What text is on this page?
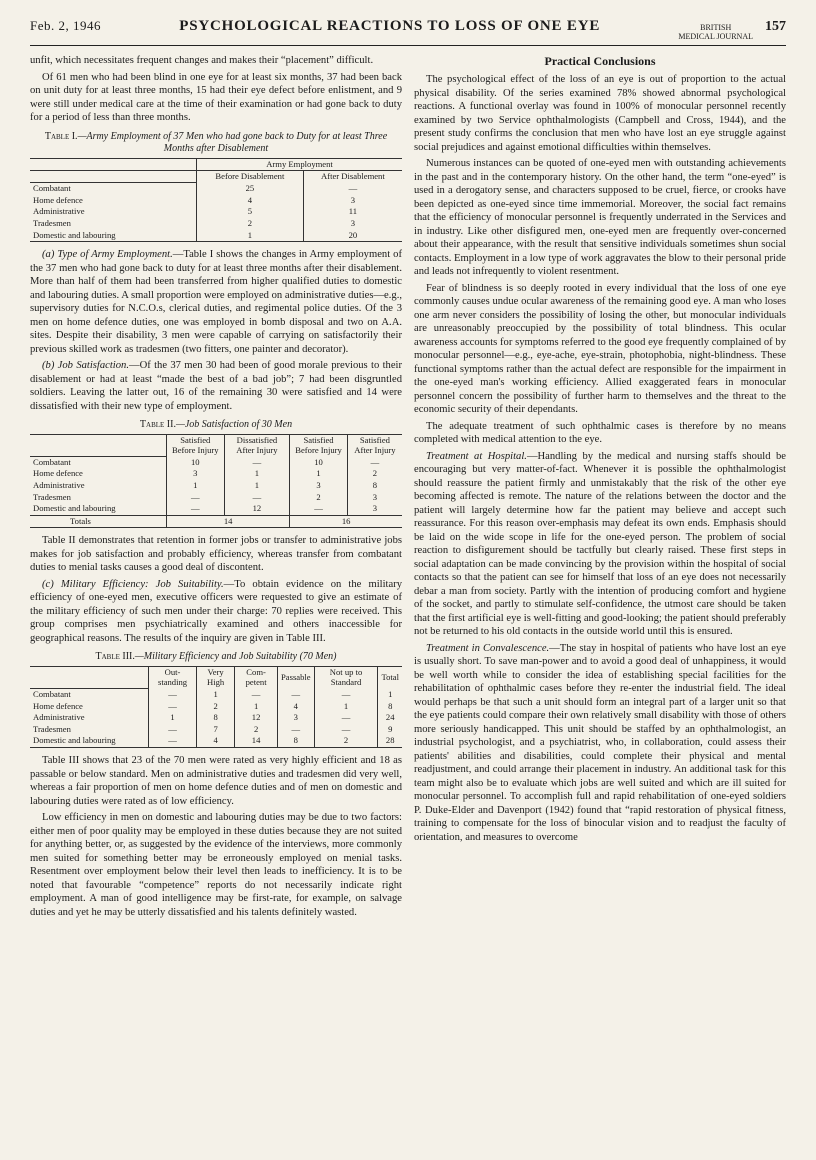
Feb. 2, 1946	PSYCHOLOGICAL REACTIONS TO LOSS OF ONE EYE	BRITISH
MEDICAL JOURNAL
157

unfit, which necessitates frequent changes and makes their “placement” difficult.

Of 61 men who had been blind in one eye for at least six months, 37 had been back on unit duty for at least three months, 15 had their eye defect before enlistment, and 9 were still under medical care at the time of their examination or had gone back to duty for a period of less than three months.

Table I.—Army Employment of 37 Men who had gone back to Duty for at least Three Months after Disablement
	Army Employment	
	Before Disablement	After Disablement
Combatant	25	—
Home defence	4	3
Administrative	5	11
Tradesmen	2	3
Domestic and labouring	1	20

(a) Type of Army Employment.—Table I shows the changes in Army employment of the 37 men who had gone back to duty for at least three months after their disablement. More than half of them had been transferred from higher qualified duties to domestic and labouring duties. A small proportion were employed on administrative duties—e.g., supervisory duties for N.C.O.s, clerical duties, and regimental police duties. Of the 3 men on home defence duties, one was employed in bomb disposal and two on A.A. sites. Despite their disability, 3 men were capable of carrying on satisfactorily their previous skilled work as tradesmen (two fitters, one painter and decorator).

(b) Job Satisfaction.—Of the 37 men 30 had been of good morale previous to their disablement or had at least “made the best of a bad job”; 7 had been disgruntled soldiers. Leaving the latter out, 16 of the remaining 30 were satisfied and 14 were dissatisfied with their new type of employment.

Table II.—Job Satisfaction of 30 Men
	Satisfied Before Injury	Dissatisfied After Injury	Satisfied Before Injury	Satisfied After Injury
Combatant	10	—	10	—
Home defence	3	1	1	2
Administrative	1	1	3	8
Tradesmen	—	—	2	3
Domestic and labouring	—	12	—	3
Totals	14		16	

Table II demonstrates that retention in former jobs or transfer to administrative jobs makes for job satisfaction and probably efficiency, whereas transfer from combatant duties to menial tasks causes a good deal of discontent.

(c) Military Efficiency: Job Suitability.—To obtain evidence on the military efficiency of one-eyed men, executive officers were requested to give an estimate of the military efficiency of such men under their charge: 70 replies were received. This group comprises men psychiatrically examined and others inaccessible for geographical reasons. The results of the inquiry are given in Table III.

Table III.—Military Efficiency and Job Suitability (70 Men)
	Out-standing	Very High	Com-petent	Passable	Not up to Standard	Total
Combatant	—	1	—	—	—	1
Home defence	—	2	1	4	1	8
Administrative	1	8	12	3	—	24
Tradesmen	—	7	2	—	—	9
Domestic and labouring	—	4	14	8	2	28

Table III shows that 23 of the 70 men were rated as very highly efficient and 18 as passable or below standard. Men on administrative duties and tradesmen did very well, whereas a fair proportion of men on home defence duties and of men on domestic and labouring duties were rated as of low efficiency.

Low efficiency in men on domestic and labouring duties may be due to two factors: either men of poor quality may be employed in these duties because they are not suited for anything better, or, as suggested by the evidence of the interviews, more commonly men suited for something better may be erroneously employed on menial tasks. Resentment over employment below their level then leads to inefficiency. It is to be noted that favourable “competence” reports do not necessarily indicate right employment. A man of good intelligence may be first-rate, for example, on salvage duties and yet he may be utterly dissatisfied and his talents definitely wasted.

Practical Conclusions

The psychological effect of the loss of an eye is out of proportion to the actual physical disability. Of the series examined 78% showed abnormal psychological reactions. A functional overlay was found in 100% of monocular personnel recently examined by two Service ophthalmologists (Campbell and Cross, 1944), and the present study confirms the conclusion that men who have lost an eye struggle against social prejudices and against emotional difficulties within themselves.

Numerous instances can be quoted of one-eyed men with outstanding achievements in the past and in the contemporary history. On the other hand, the term “one-eyed” is used in a derogatory sense, and characters supposed to be cruel, fierce, or crooks have been depicted as one-eyed since time immemorial. Moreover, the social fact remains that the efficiency of monocular personnel is frequently underrated in the Services and in industry. Like other disfigured men, one-eyed men are frequently over-concerned about their appearance, with the result that sensitive individuals sometimes shun social contacts. Employment in a low type of work aggravates the blow to their personal pride and leads not infrequently to violent resentment.

Fear of blindness is so deeply rooted in every individual that the loss of one eye commonly causes undue ocular awareness of the remaining good eye. A man who loses one arm never considers the possibility of losing the other, but monocular individuals are unreasonably preoccupied by the possibility of total blindness. This ocular awareness accounts for symptoms referred to the good eye frequently complained of by monocular personnel—e.g., eye-ache, eye-strain, photophobia, night-blindness. These functional symptoms rather than the actual defect are responsible for the impairment in the one-eyed man's working efficiency. Allied exaggerated fears in monocular personnel concern the possibility of further harm to themselves and the threat to the economic security of their dependants.

The adequate treatment of such ophthalmic cases is therefore by no means completed with medical attention to the eye.

Treatment at Hospital.—Handling by the medical and nursing staffs should be encouraging but very matter-of-fact. Whenever it is possible the ophthalmologist should reassure the patient firmly and unmistakably that the risk of the other eye becoming affected is remote. The nature of the relations between the doctor and the patient will largely determine how far the patient may believe and accept such reassurance. For this reason over-emphasis may defeat its own ends. Emphasis should be laid on the wide scope in life for the one-eyed person. The problem of social reaction to disfigurement should be tactfully but clearly raised. These first steps in social adaptation can be made convincing by the provision within the hospital of social contacts so that the patient can see for himself that loss of an eye does not necessarily debar a man from society. Partly with the intention of producing comfort and hygiene of the socket, and partly to stimulate self-confidence, the utmost care should be taken that the first artificial eye is well-fitting and good-looking; the patient should preferably not be returned to his old contacts in the outside world until this is ensured.

Treatment in Convalescence.—The stay in hospital of patients who have lost an eye is usually short. To save man-power and to avoid a good deal of unhappiness, it would be well worth while to consider the idea of establishing special facilities for the rehabilitation of ophthalmic cases before they re-enter the industrial field. The ideal would perhaps be that such a unit should form an integral part of a larger unit so that the eye patients could compare their own relatively small disability with those of others more seriously handicapped. This unit should be staffed by an ophthalmologist, an industrial psychologist, and a psychiatrist, who, in collaboration, could assess their patients' abilities and disabilities, could complete their physical and mental readjustment, and could arrange their placement in industry. An additional task for this team might also be to evaluate which jobs are well suited and which are ill suited for monocular personnel. To accomplish full and rapid rehabilitation of one-eyed soldiers P. Duke-Elder and Davenport (1942) found that “rapid restoration of physical fitness, training to compensate for the loss of binocular vision and to readjust the faculty of orientation, and measures to overcome
